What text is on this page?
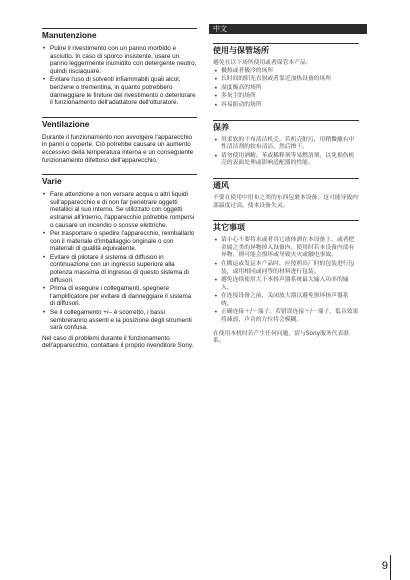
Manutenzione
• Pulire il rivestimento con un panno morbido e asciutto. In caso di sporco insistente, usare un panno leggermente inumidito con detergente neutro, quindi risciaquare.
• Evitare l'uso di solventi infiammabili quali alcol, benzene o trementina, in quanto potrebbero danneggiare le finiture del rivestimento o deteriorare il funzionamento dell'adattatore dell'otturatore.
Ventilazione

Durante il funzionamento non avvolgere l'apparecchio in panni o coperte. Ciò potrebbe causare un aumento eccessivo della temperatura interna e un conseguente funzionamento difettoso dell'apparecchio.

Varie
• Fare attenzione a non versare acqua o altri liquidi sull'apparecchio e di non far penetrare oggetti metallici al suo interno. Se utilizzato con oggetti estranei all'interno, l'apparecchio potrebbe rompersi o causare un incendio o scosse elettriche.
• Per trasportare o spedire l'apparecchio, reimballarlo con il materiale d'imballaggio originale o con materiali di qualità equivalente.
• Evitare di pilotare il sistema di diffusori in continuazione con un ingresso superiore alla potenza massima di ingresso di questo sistema di diffusori.
• Prima di eseguire i collegamenti, spegnere l'amplificatore per evitare di danneggiare il sistema di diffusori.
• Se il collegamento +/– è scorretto, i bassi sembreranno assenti e la posizione degli strumenti sarà confusa.

Nel caso di problemi durante il funzionamento dell'apparecchio, contattare il proprio rivenditore Sony.

中文
使用与保管场所

避免在以下场所使用或者保管本产品：

• 极热或者极冷的场所
• 长时间的阳光直射或者靠近加热设备的场所
• 湿度极高的场所
• 多灰尘的场所
• 容易振动的场所
保养
• 用柔软的干布清洁机壳。若机壳脏污，用稍微蘸有中性清洁剂的软布清洁，然后擦干。
• 请勿使用酒精、苯或稀释剂等易燃溶剂，以免损伤机壳的表面处理或影响适配器的性能。
通风

不要在使用中用布之类的东西包裹本设备。这可能导致内部温度过高，使本设备失灵。

其它事项
• 请小心不要将水或者其它液体洒在本设备上，或者把金属之类的异物掉入设备内。使用时若本设备内部有异物，则可能会损坏或导致火灾或触电事故。
• 在搬运或发运本产品时，应按照出厂时的包装进行包装，或用相同或同等的材料进行包装。
• 避免连续使用大于本扬声器系统最大输入功率的输入。
• 在连接设备之前，关闭放大器以避免损坏扬声器系统。
• 正确连接＋/－端子。若错误连接＋/－端子，低音效果将减弱，声音的方位将会模糊。

在使用本机时若产生任何问题，请与Sony服务代表联系。

9
